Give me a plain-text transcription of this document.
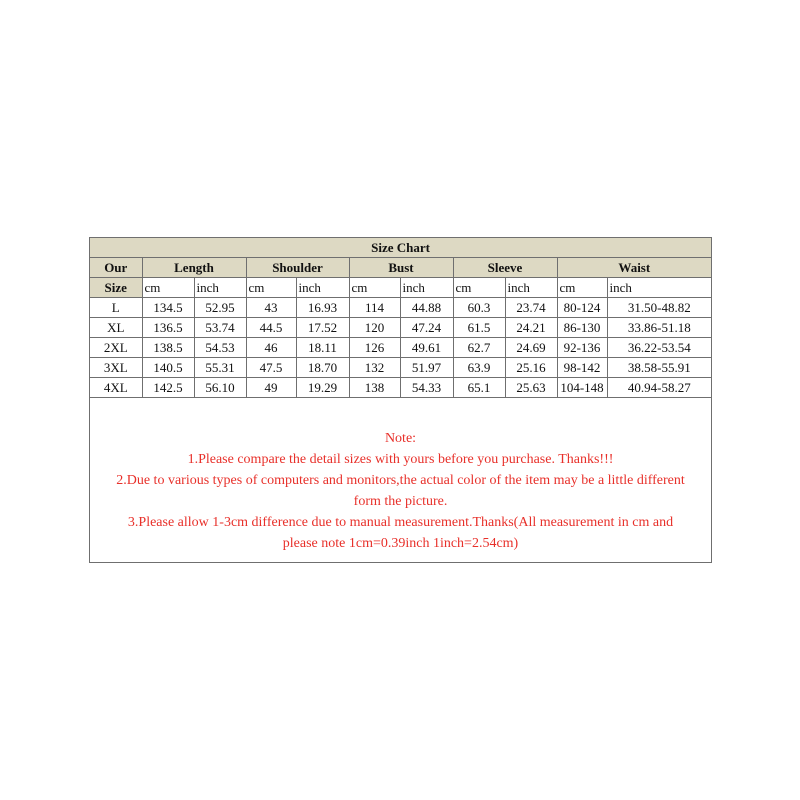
Size Chart										
Our	Length		Shoulder		Bust		Sleeve		Waist	
Size	cm	inch	cm	inch	cm	inch	cm	inch	cm	inch
L	134.5	52.95	43	16.93	114	44.88	60.3	23.74	80-124	31.50-48.82
XL	136.5	53.74	44.5	17.52	120	47.24	61.5	24.21	86-130	33.86-51.18
2XL	138.5	54.53	46	18.11	126	49.61	62.7	24.69	92-136	36.22-53.54
3XL	140.5	55.31	47.5	18.70	132	51.97	63.9	25.16	98-142	38.58-55.91
4XL	142.5	56.10	49	19.29	138	54.33	65.1	25.63	104-148	40.94-58.27
Note:
1.Please compare the detail sizes with yours before you purchase. Thanks!!!
2.Due to various types of computers and monitors,the actual color of the item may be a little different
form the picture.
3.Please allow 1-3cm difference due to manual measurement.Thanks(All measurement in cm and
please note 1cm=0.39inch 1inch=2.54cm)
